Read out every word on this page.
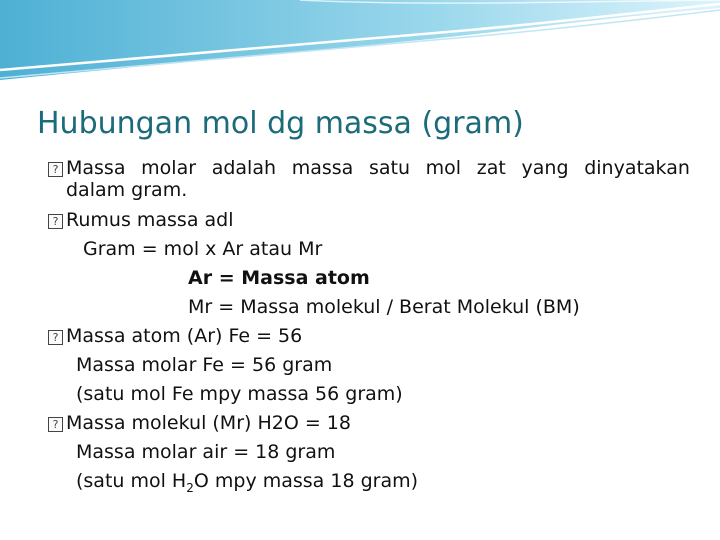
Hubungan mol dg massa (gram)
? Massa molar adalah massa satu mol zat yang dinyatakan
dalam gram.
? Rumus massa adl
Gram = mol x Ar atau Mr
Ar = Massa atom
Mr = Massa molekul / Berat Molekul (BM)
? Massa atom (Ar) Fe = 56
Massa molar Fe = 56 gram
(satu mol Fe mpy massa 56 gram)
? Massa molekul (Mr) H2O = 18
Massa molar air = 18 gram
(satu mol $H_2O$ mpy massa 18 gram)
